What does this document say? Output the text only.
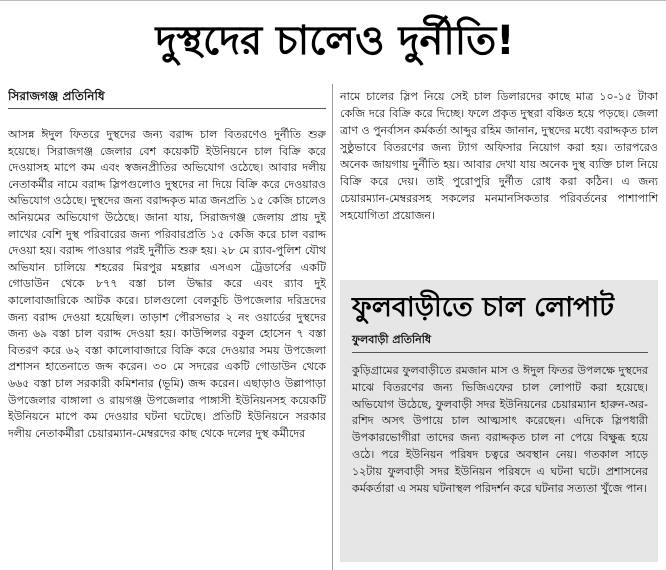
দুস্থদের চালেও দুর্নীতি!
সিরাজগঞ্জ প্রতিনিধি

আসন্ন ঈদুল ফিতরে দুস্থদের জন্য বরাদ্দ চাল বিতরণেও দুর্নীতি শুরু হয়েছে। সিরাজগঞ্জ জেলার বেশ কয়েকটি ইউনিয়নে চাল বিক্রি করে দেওয়াসহ মাপে কম এবং স্বজনপ্রীতির অভিযোগ ওঠেছে। আবার দলীয় নেতাকর্মীর নামে বরাদ্দ স্লিপগুলোও দুস্থদের না দিয়ে বিক্রি করে দেওয়ারও অভিযোগ ওঠেছে। দুস্থদের জন্য বরাদ্দকৃত মাত্র জনপ্রতি ১৫ কেজি চালেও অনিয়মের অভিযোগ উঠেছে। জানা যায়, সিরাজগঞ্জ জেলায় প্রায় দুই লাখের বেশি দুস্থ পরিবারের জন্য পরিবারপ্রতি ১৫ কেজি করে চাল বরাদ্দ দেওয়া হয়। বরাদ্দ পাওয়ার পরই দুর্নীতি শুরু হয়। ২৮ মে র‍্যাব-পুলিশ যৌথ অভিযান চালিয়ে শহরের মিরপুর মহল্লার এসএস ট্রেডার্সের একটি গোডাউন থেকে ৮৭৭ বস্তা চাল উদ্ধার করে এবং র‍্যাব দুই কালোবাজারিকে আটক করে। চালগুলো বেলকুচি উপজেলার দরিদ্রদের জন্য বরাদ্দ দেওয়া হয়েছিল। তাড়াশ পৌরসভার ২ নং ওয়ার্ডের দুস্থদের জন্য ৬৯ বস্তা চাল বরাদ্দ দেওয়া হয়। কাউন্সিলর বকুল হোসেন ৭ বস্তা বিতরণ করে ৬২ বস্তা কালোবাজারে বিক্রি করে দেওয়ার সময় উপজেলা প্রশাসন হাতেনাতে জব্দ করেন। ৩০ মে সদরের একটি গোডাউন থেকে ৬৬৫ বস্তা চাল সরকারী কমিশনার (ভূমি) জব্দ করেন। এছাড়াও উল্লাপাড়া উপজেলার বাঙ্গালা ও রায়গঞ্জ উপজেলার পাঙ্গাসী ইউনিয়নসহ কয়েকটি ইউনিয়নে মাপে কম দেওয়ার ঘটনা ঘটেছে। প্রতিটি ইউনিয়নে সরকার দলীয় নেতাকর্মীরা চেয়ারম্যান-মেম্বরদের কাছ থেকে দলের দুস্থ কর্মীদের

নামে চালের স্লিপ নিয়ে সেই চাল ডিলারদের কাছে মাত্র ১০-১৫ টাকা কেজি দরে বিক্রি করে দিচ্ছে। ফলে প্রকৃত দুস্থরা বঞ্চিত হয়ে পড়ছে। জেলা ত্রাণ ও পুনর্বাসন কর্মকর্তা আব্দুর রহিম জানান, দুস্থদের মধ্যে বরাদ্দকৃত চাল সুষ্ঠুভাবে বিতরণের জন্য ট্যাগ অফিসার নিয়োগ করা হয়। তারপরেও অনেক জায়গায় দুর্নীতি হয়। আবার দেখা যায় অনেক দুস্থ ব্যক্তি চাল নিয়ে বিক্রি করে দেয়। তাই পুরোপুরি দুর্নীত রোধ করা কঠিন। এ জন্য চেয়ারম্যান-মেম্বররসহ সকলের মনমানসিকতার পরিবর্তনের পাশাপাশি সহযোগিতা প্রয়োজন।

ফুলবাড়ীতে চাল লোপাট
ফুলবাড়ী প্রতিনিধি

কুড়িগ্রামের ফুলবাড়ীতে রমজান মাস ও ঈদুল ফিতর উপলক্ষে দুস্থদের মাঝে বিতরণের জন্য ভিজিএফের চাল লোপাট করা হয়েছে। অভিযোগ উঠেছে, ফুলবাড়ী সদর ইউনিয়নের চেয়ারম্যান হারুন-অর-রশিদ অসৎ উপায়ে চাল আত্মসাৎ করেছেন। এদিকে স্লিপধারী উপকারভোগীরা তাদের জন্য বরাদ্দকৃত চাল না পেয়ে বিক্ষুব্ধ হয়ে ওঠে। পরে ইউনিয়ন পরিষদ চত্বরে অবস্থান নেয়। গতকাল সাড়ে ১২টায় ফুলবাড়ী সদর ইউনিয়ন পরিষদে এ ঘটনা ঘটে। প্রশাসনের কর্মকর্তারা এ সময় ঘটনাস্থল পরিদর্শন করে ঘটনার সত্যতা খুঁজে পান।
